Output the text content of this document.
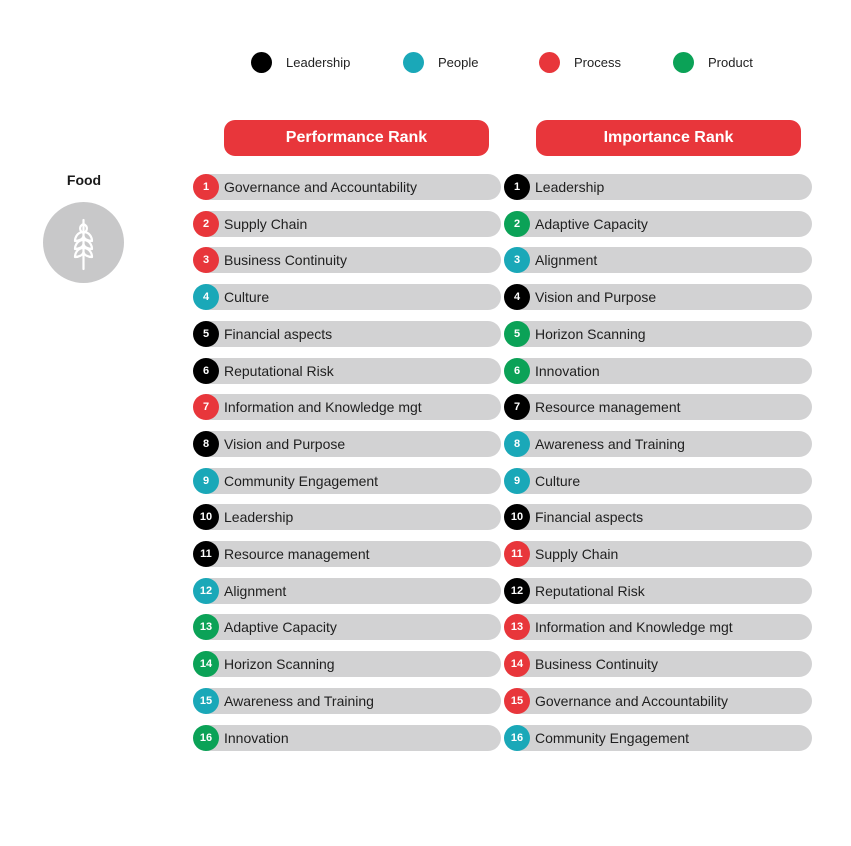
Leadership	People	Process	Product
Performance Rank	Importance Rank
Food	1	Governance and Accountability
2	Supply Chain
3	Business Continuity
4	Culture
5	Financial aspects
6	Reputational Risk
7	Information and Knowledge mgt
8	Vision and Purpose
9	Community Engagement
10 Leadership
11 Resource management
12 Alignment
13 Adaptive Capacity
14 Horizon Scanning
15 Awareness and Training
16 Innovation
1	Leadership
2	Adaptive Capacity
3	Alignment
4	Vision and Purpose
5	Horizon Scanning
6	Innovation
7	Resource management
8	Awareness and Training
9	Culture
10 Financial aspects
11 Supply Chain
12 Reputational Risk
13 Information and Knowledge mgt
14 Business Continuity
15 Governance and Accountability
16 Community Engagement
